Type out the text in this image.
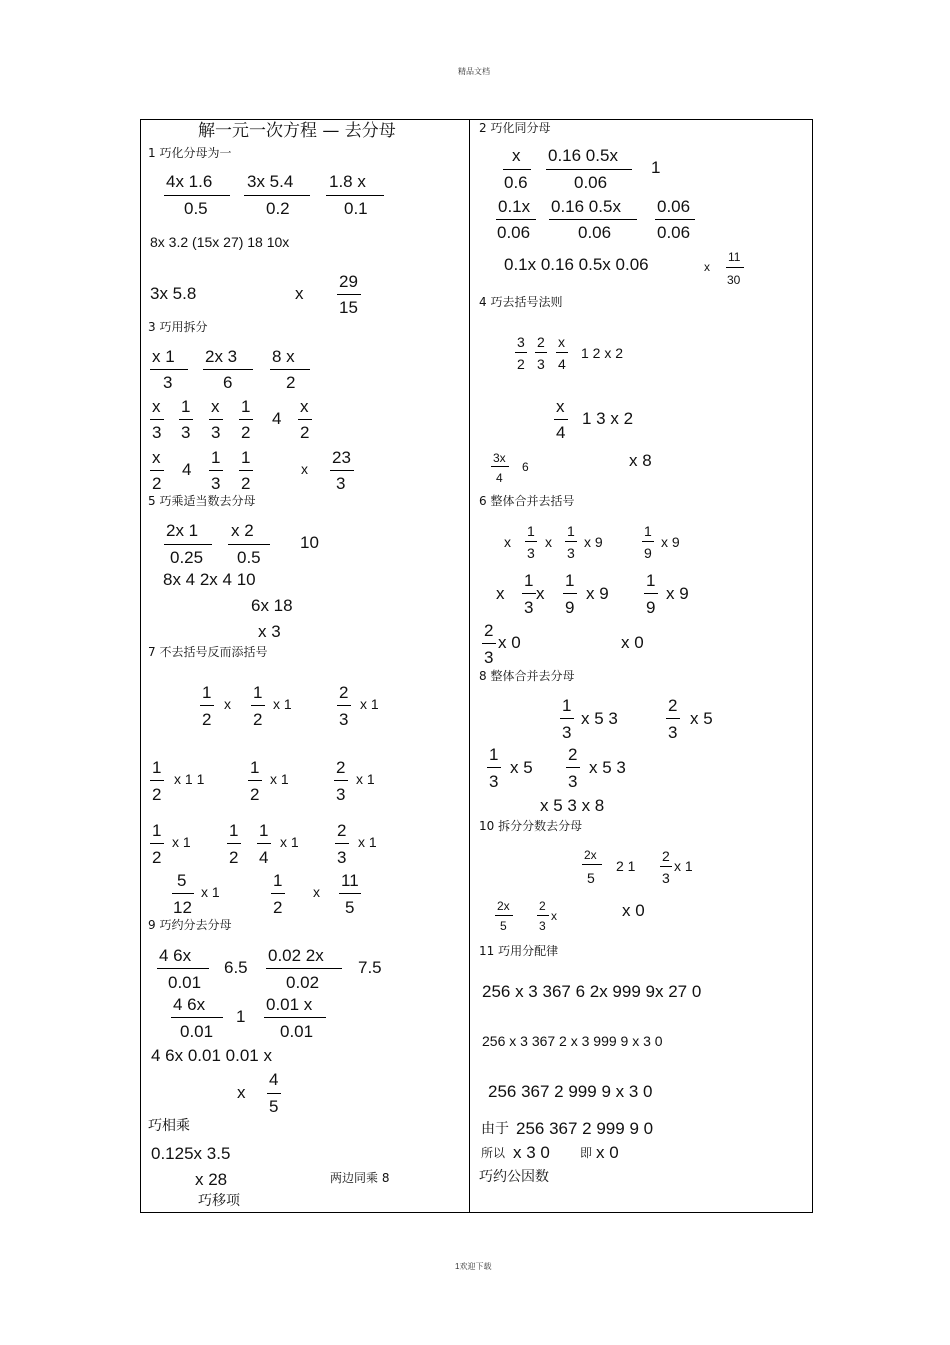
精品文档
解一元一次方程 — 去分母
1 巧化分母为一
4x 1.6
0.5
3x 5.4
0.2
1.8 x
0.1
8x 3.2 (15x 27) 18 10x
3x 5.8	x
29
15
3 巧用拆分
x 1
3
2x 3
6
8 x
2
x
3
1
3
x
3
1
2
4
x
2
x
2
4
1
3
1
2
x
23
3
5 巧乘适当数去分母
2x 1
0.25
x 2
0.5
10
8x 4 2x 4 10
6x 18
x 3
7 不去括号反而添括号
1
2
x
1
2
x 1
2
3
x 1
1
2
x 1 1
1
2
x 1
2
3
x 1
1
2
x 1
1
2
1
4
x 1
2
3
x 1
5
12
x 1
1
2
x
11
5
9 巧约分去分母
4 6x
0.01
6.5
0.02 2x
0.02
7.5
4 6x
0.01
1
0.01 x
0.01
4 6x 0.01 0.01 x
x
4
5
巧相乘
0.125x 3.5
x 28	两边同乘 8
巧移项
2 巧化同分母
x
0.6
0.16 0.5x
0.06
1
0.1x
0.06
0.16 0.5x
0.06
0.06
0.06
0.1x 0.16 0.5x 0.06	x
11
30
4 巧去括号法则
3
2
2
3
x
4
1 2 x 2
x
4
1 3 x 2
3x
4
6	x 8
6 整体合并去括号
x
1
3
x
1
3
x 9
1
9
x 9
x
1
3
x
1
9
x 9
1
9
x 9
2
3
x 0	x 0
8 整体合并去分母
1
3
x 5 3
2
3
x 5
1
3
x 5
2
3
x 5 3
x 5 3 x 8
10 拆分分数去分母
2x
5
2 1
2
3
x 1
2x
5
2
3
x	x 0
11 巧用分配律
256 x 3 367 6 2x 999 9x 27 0
256 x 3 367 2 x 3 999 9 x 3 0
256 367 2 999 9 x 3 0
由于 256 367 2 999 9 0
所以 x 3 0	即 x 0
巧约公因数
1欢迎下载
